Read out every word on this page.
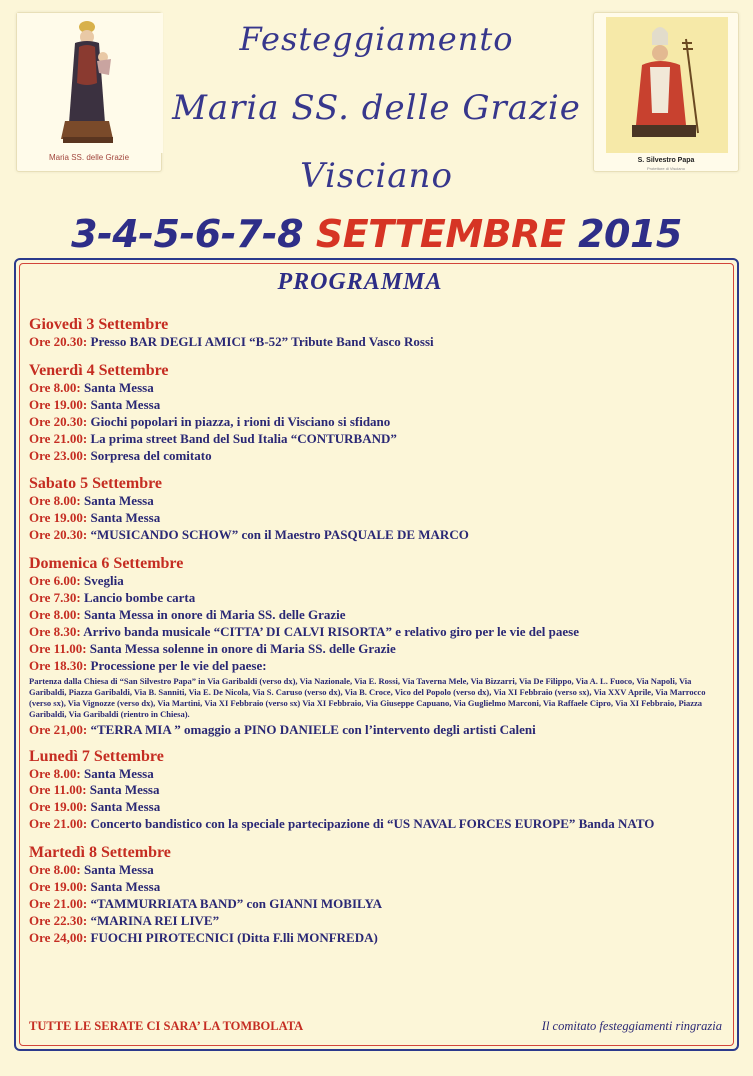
Maria SS. delle Grazie	S. Silvestro Papa
Protettore di Visciano
Festeggiamento
Maria SS. delle Grazie
Visciano
3-4-5-6-7-8 SETTEMBRE 2015
PROGRAMMA
Giovedì 3 Settembre
Ore 20.30: Presso BAR DEGLI AMICI “B-52” Tribute Band Vasco Rossi
Venerdì 4 Settembre
Ore 8.00: Santa Messa
Ore 19.00: Santa Messa
Ore 20.30: Giochi popolari in piazza, i rioni di Visciano si sfidano
Ore 21.00: La prima street Band del Sud Italia “CONTURBAND”
Ore 23.00: Sorpresa del comitato
Sabato 5 Settembre
Ore 8.00: Santa Messa
Ore 19.00: Santa Messa
Ore 20.30: “MUSICANDO SCHOW” con il Maestro PASQUALE DE MARCO
Domenica 6 Settembre
Ore 6.00: Sveglia
Ore 7.30: Lancio bombe carta
Ore 8.00: Santa Messa in onore di Maria SS. delle Grazie
Ore 8.30: Arrivo banda musicale “CITTA’ DI CALVI RISORTA” e relativo giro per le vie del paese
Ore 11.00: Santa Messa solenne in onore di Maria SS. delle Grazie
Ore 18.30: Processione per le vie del paese:
Partenza dalla Chiesa di “San Silvestro Papa” in Via Garibaldi (verso dx), Via Nazionale, Via E. Rossi, Via Taverna Mele, Via Bizzarri, Via De Filippo, Via A. L. Fuoco, Via Napoli, Via Garibaldi, Piazza Garibaldi, Via B. Sanniti, Via E. De Nicola, Via S. Caruso (verso dx), Via B. Croce, Vico del Popolo (verso dx), Via XI Febbraio (verso sx), Via XXV Aprile, Via Marrocco (verso sx), Via Vignozze (verso dx), Via Martini, Via XI Febbraio (verso sx) Via XI Febbraio, Via Giuseppe Capuano, Via Guglielmo Marconi, Via Raffaele Cipro, Via XI Febbraio, Piazza Garibaldi, Via Garibaldi (rientro in Chiesa).
Ore 21,00: “TERRA MIA ” omaggio a PINO DANIELE con l’intervento degli artisti Caleni
Lunedì 7 Settembre
Ore 8.00: Santa Messa
Ore 11.00: Santa Messa
Ore 19.00: Santa Messa
Ore 21.00: Concerto bandistico con la speciale partecipazione di “US NAVAL FORCES EUROPE” Banda NATO
Martedì 8 Settembre
Ore 8.00: Santa Messa
Ore 19.00: Santa Messa
Ore 21.00: “TAMMURRIATA BAND” con GIANNI MOBILYA
Ore 22.30: “MARINA REI LIVE”
Ore 24,00: FUOCHI PIROTECNICI (Ditta F.lli MONFREDA)
TUTTE LE SERATE CI SARA’ LA TOMBOLATA	Il comitato festeggiamenti ringrazia
